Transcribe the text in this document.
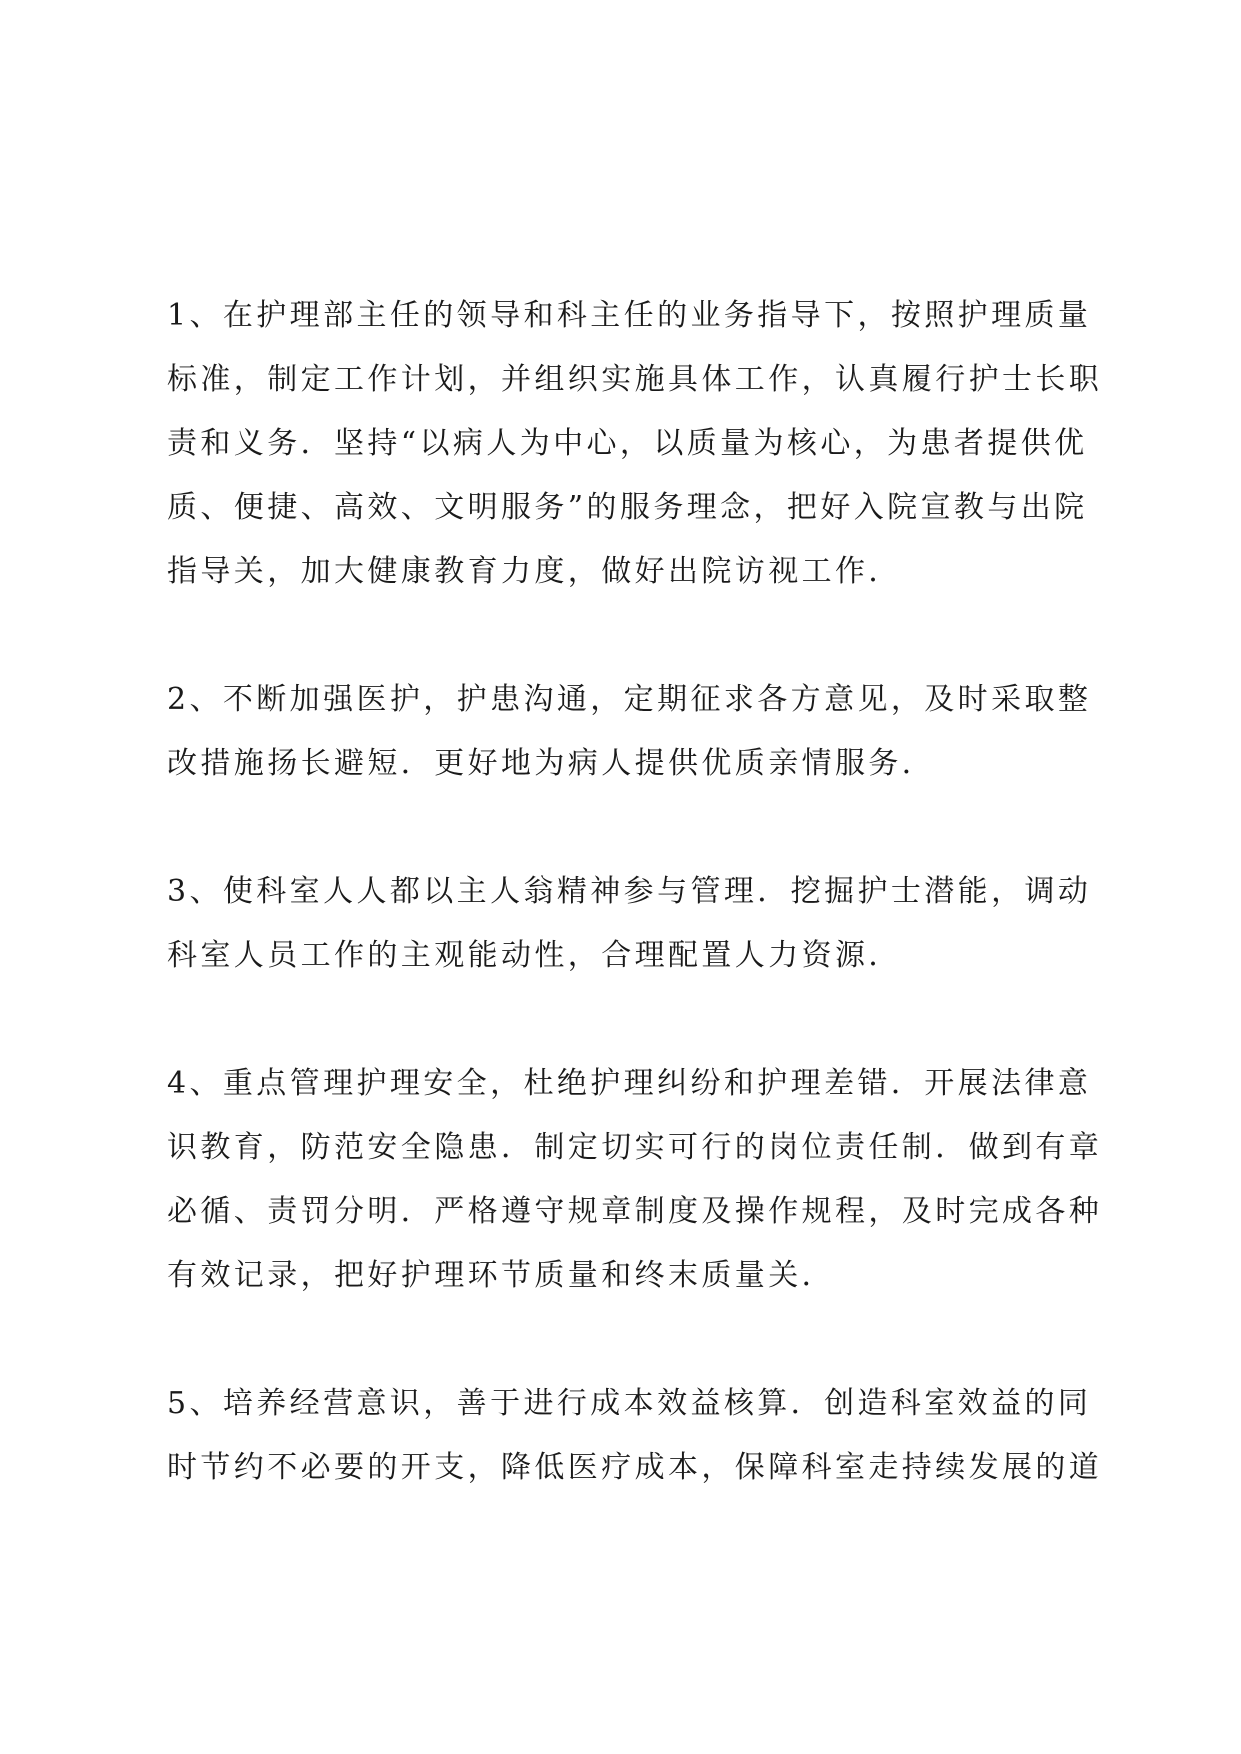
1、在护理部主任的领导和科主任的业务指导下，按照护理质量
标准，制定工作计划，并组织实施具体工作，认真履行护士长职
责和义务．坚持“以病人为中心，以质量为核心，为患者提供优
质、便捷、高效、文明服务”的服务理念，把好入院宣教与出院
指导关，加大健康教育力度，做好出院访视工作．

2、不断加强医护，护患沟通，定期征求各方意见，及时采取整
改措施扬长避短．更好地为病人提供优质亲情服务．

3、使科室人人都以主人翁精神参与管理．挖掘护士潜能，调动
科室人员工作的主观能动性，合理配置人力资源．

4、重点管理护理安全，杜绝护理纠纷和护理差错．开展法律意
识教育，防范安全隐患．制定切实可行的岗位责任制．做到有章
必循、责罚分明．严格遵守规章制度及操作规程，及时完成各种
有效记录，把好护理环节质量和终末质量关．

5、培养经营意识，善于进行成本效益核算．创造科室效益的同
时节约不必要的开支，降低医疗成本，保障科室走持续发展的道
